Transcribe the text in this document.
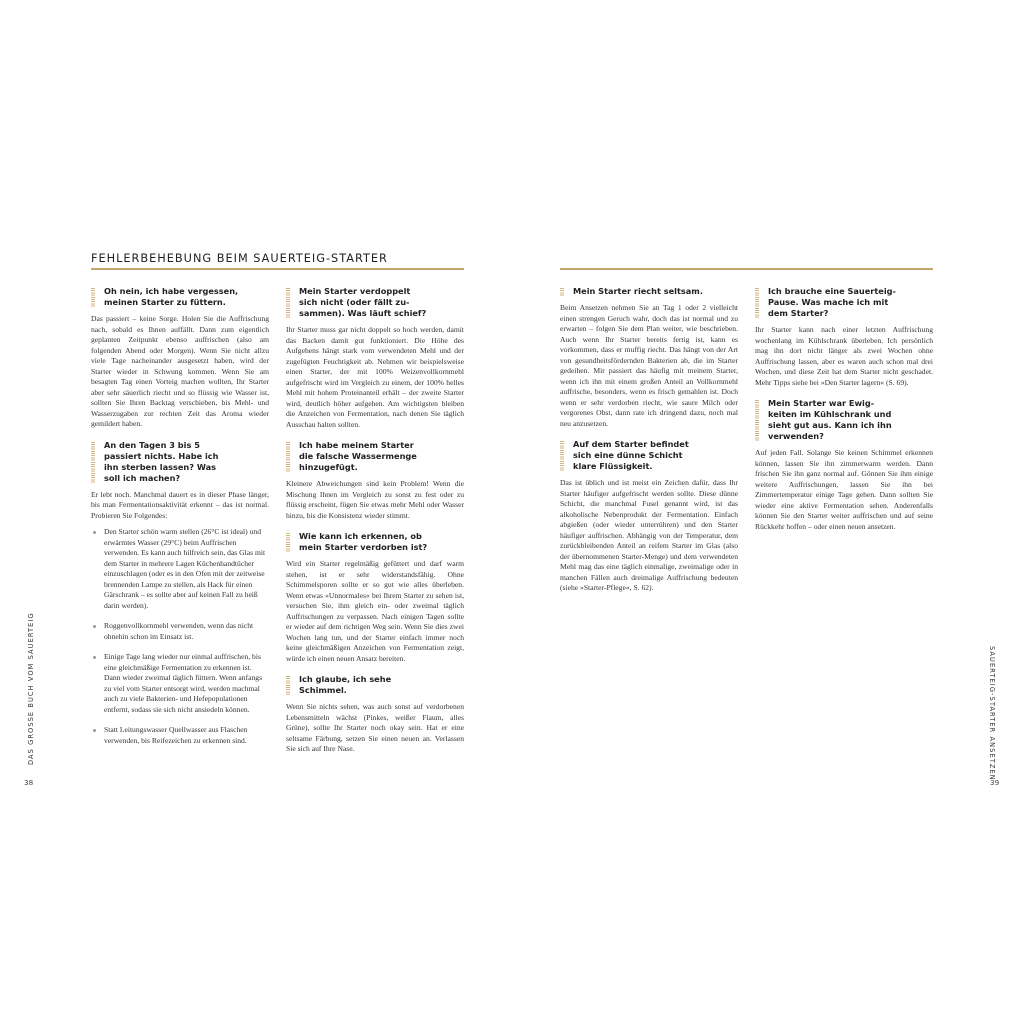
FEHLERBEHEBUNG BEIM SAUERTEIG-STARTER
Oh nein, ich habe vergessen,
meinen Starter zu füttern.

Das passiert – keine Sorge. Holen Sie die Auffrischung nach, sobald es Ihnen auffällt. Dann zum eigentlich geplanten Zeitpunkt ebenso auffrischen (also am folgenden Abend oder Morgen). Wenn Sie nicht allzu viele Tage nacheinander ausgesetzt haben, wird der Starter wieder in Schwung kommen. Wenn Sie am besagten Tag einen Vorteig machen wollten, Ihr Starter aber sehr säuerlich riecht und so flüssig wie Wasser ist, sollten Sie Ihren Backtag verschieben, bis Mehl- und Wasserzugaben zur rechten Zeit das Aroma wieder gemildert haben.

An den Tagen 3 bis 5
passiert nichts. Habe ich
ihn sterben lassen? Was
soll ich machen?

Er lebt noch. Manchmal dauert es in dieser Phase länger, bis man Fermentationsaktivität erkennt – das ist normal. Probieren Sie Folgendes:

Den Starter schön warm stellen (26°C ist ideal) und erwärmtes Wasser (29°C) beim Auffrischen verwenden. Es kann auch hilfreich sein, das Glas mit dem Starter in mehrere Lagen Küchenhandtücher einzuschlagen (oder es in den Ofen mit der zeitweise brennenden Lampe zu stellen, als Hack für einen Gärschrank – es sollte aber auf keinen Fall zu heiß darin werden).
Roggenvollkornmehl verwenden, wenn das nicht ohnehin schon im Einsatz ist.
Einige Tage lang wieder nur einmal auffrischen, bis eine gleichmäßige Fermentation zu erkennen ist. Dann wieder zweimal täglich füttern. Wenn anfangs zu viel vom Starter entsorgt wird, werden machmal auch zu viele Bakterien- und Hefepopulationen entfernt, sodass sie sich nicht ansiedeln können.
Statt Leitungswasser Quellwasser aus Flaschen verwenden, bis Reifezeichen zu erkennen sind.
Mein Starter verdoppelt
sich nicht (oder fällt zu-
sammen). Was läuft schief?

Ihr Starter muss gar nicht doppelt so hoch werden, damit das Backen damit gut funktioniert. Die Höhe des Aufgehens hängt stark vom verwendeten Mehl und der zugefügten Feuchtigkeit ab. Nehmen wir beispielsweise einen Starter, der mit 100% Weizenvollkornmehl aufgefrischt wird im Vergleich zu einem, der 100% helles Mehl mit hohem Proteinanteil erhält – der zweite Starter wird, deutlich höher aufgehen. Am wichtigsten bleiben die Anzeichen von Fermentation, nach denen Sie täglich Ausschau halten sollten.

Ich habe meinem Starter
die falsche Wassermenge
hinzugefügt.

Kleinere Abweichungen sind kein Problem! Wenn die Mischung Ihnen im Vergleich zu sonst zu fest oder zu flüssig erscheint, fügen Sie etwas mehr Mehl oder Wasser hinzu, bis die Konsistenz wieder stimmt.

Wie kann ich erkennen, ob
mein Starter verdorben ist?

Wird ein Starter regelmäßig gefüttert und darf warm stehen, ist er sehr widerstandsfähig. Ohne Schimmelsporen sollte er so gut wie alles überleben. Wenn etwas »Unnormales« bei Ihrem Starter zu sehen ist, versuchen Sie, ihm gleich ein- oder zweimal täglich Auffrischungen zu verpassen. Nach einigen Tagen sollte er wieder auf dem richtigen Weg sein. Wenn Sie dies zwei Wochen lang tun, und der Starter einfach immer noch keine gleichmäßigen Anzeichen von Fermentation zeigt, würde ich einen neuen Ansatz bereiten.

Ich glaube, ich sehe
Schimmel.

Wenn Sie nichts sehen, was auch sonst auf verdorbenen Lebensmitteln wächst (Pinkes, weißer Flaum, alles Grüne), sollte Ihr Starter noch okay sein. Hat er eine seltsame Färbung, setzen Sie einen neuen an. Verlassen Sie sich auf Ihre Nase.

Mein Starter riecht seltsam.

Beim Ansetzen nehmen Sie an Tag 1 oder 2 vielleicht einen strengen Geruch wahr, doch das ist normal und zu erwarten – folgen Sie dem Plan weiter, wie beschrieben. Auch wenn Ihr Starter bereits fertig ist, kann es vorkommen, dass er muffig riecht. Das hängt von der Art von gesundheitsfördernden Bakterien ab, die im Starter gedeihen. Mir passiert das häufig mit meinem Starter, wenn ich ihn mit einem großen Anteil an Vollkornmehl auffrische, besonders, wenn es frisch gemahlen ist. Doch wenn er sehr verdorben riecht, wie saure Milch oder vergorenes Obst, dann rate ich dringend dazu, noch mal neu anzusetzen.

Auf dem Starter befindet
sich eine dünne Schicht
klare Flüssigkeit.

Das ist üblich und ist meist ein Zeichen dafür, dass Ihr Starter häufiger aufgefrischt werden sollte. Diese dünne Schicht, die manchmal Fusel genannt wird, ist das alkoholische Nebenprodukt der Fermentation. Einfach abgießen (oder wieder unterrühren) und den Starter häufiger auffrischen. Abhängig von der Temperatur, dem zurückbleibenden Anteil an reifem Starter im Glas (also der übernommenen Starter-Menge) und dem verwendeten Mehl mag das eine täglich einmalige, zweimalige oder in manchen Fällen auch dreimalige Auffrischung bedeuten (siehe »Starter-Pflege«, S. 62).

Ich brauche eine Sauerteig-
Pause. Was mache ich mit
dem Starter?

Ihr Starter kann nach einer letzten Auffrischung wochenlang im Kühlschrank überleben. Ich persönlich mag ihn dort nicht länger als zwei Wochen ohne Auffrischung lassen, aber es waren auch schon mal drei Wochen, und diese Zeit hat dem Starter nicht geschadet. Mehr Tipps siehe bei »Den Starter lagern« (S. 69).

Mein Starter war Ewig-
keiten im Kühlschrank und
sieht gut aus. Kann ich ihn
verwenden?

Auf jeden Fall. Solange Sie keinen Schimmel erkennen können, lassen Sie ihn zimmerwarm werden. Dann frischen Sie ihn ganz normal auf. Gönnen Sie ihm einige weitere Auffrischungen, lassen Sie ihn bei Zimmertemperatur einige Tage gehen. Dann sollten Sie wieder eine aktive Fermentation sehen. Anderenfalls können Sie den Starter weiter auffrischen und auf seine Rückkehr hoffen – oder einen neuen ansetzen.

DAS GROSSE BUCH VOM SAUERTEIG	SAUERTEIG-STARTER ANSETZEN
38	39
